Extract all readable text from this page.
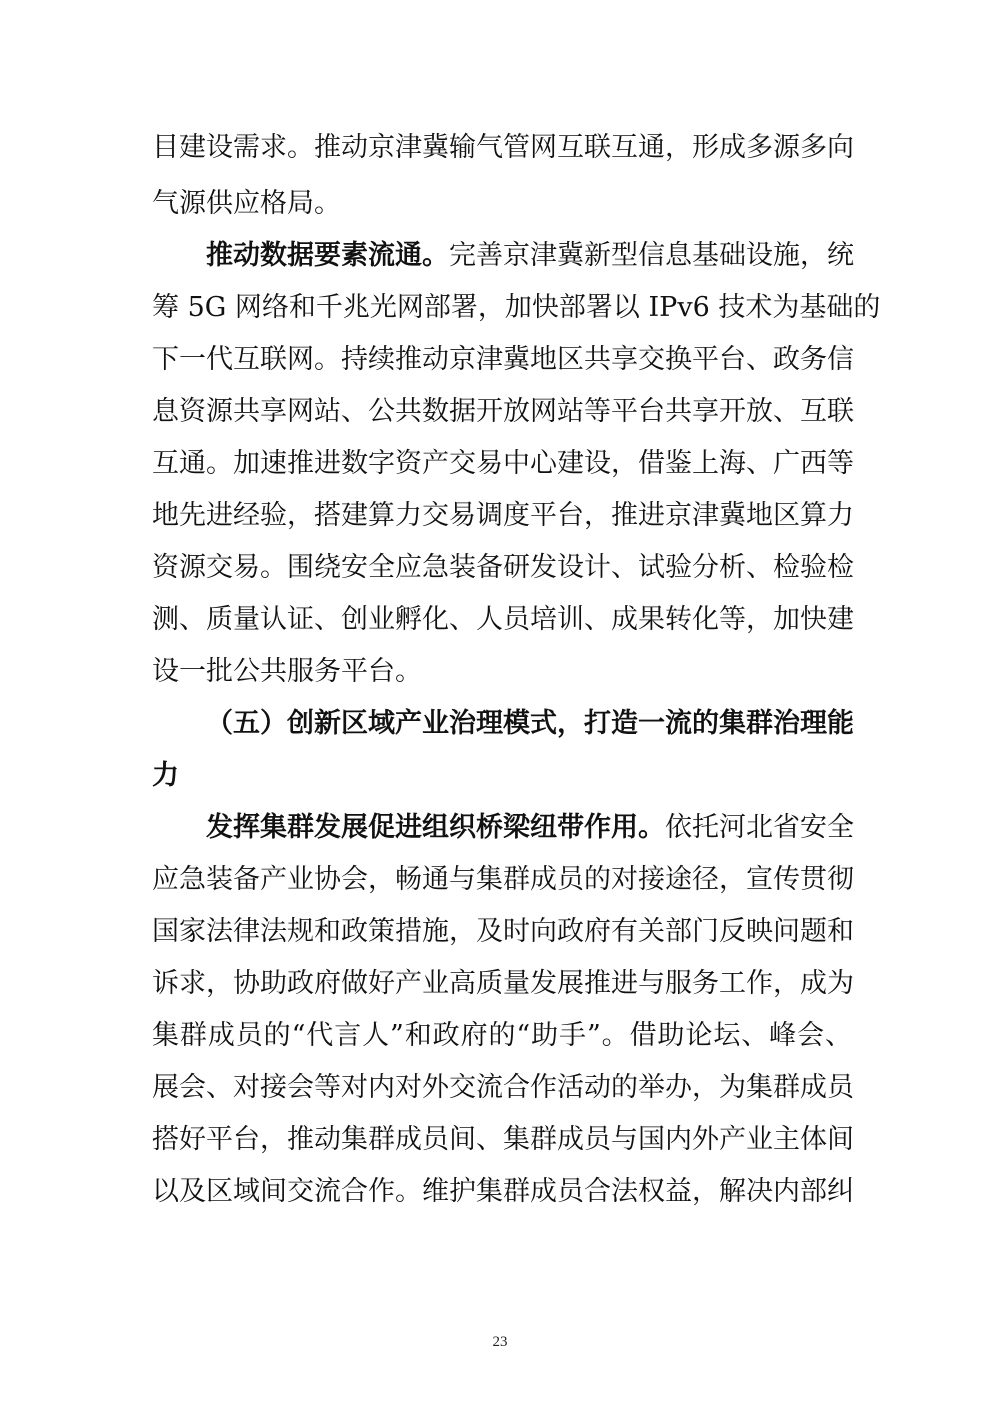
目建设需求。推动京津冀输气管网互联互通，形成多源多向
气源供应格局。
推动数据要素流通。完善京津冀新型信息基础设施，统
筹 5G 网络和千兆光网部署，加快部署以 IPv6 技术为基础的
下一代互联网。持续推动京津冀地区共享交换平台、政务信
息资源共享网站、公共数据开放网站等平台共享开放、互联
互通。加速推进数字资产交易中心建设，借鉴上海、广西等
地先进经验，搭建算力交易调度平台，推进京津冀地区算力
资源交易。围绕安全应急装备研发设计、试验分析、检验检
测、质量认证、创业孵化、人员培训、成果转化等，加快建
设一批公共服务平台。
（五）创新区域产业治理模式，打造一流的集群治理能
力
发挥集群发展促进组织桥梁纽带作用。依托河北省安全
应急装备产业协会，畅通与集群成员的对接途径，宣传贯彻
国家法律法规和政策措施，及时向政府有关部门反映问题和
诉求，协助政府做好产业高质量发展推进与服务工作，成为
集群成员的“代言人”和政府的“助手”。借助论坛、峰会、
展会、对接会等对内对外交流合作活动的举办，为集群成员
搭好平台，推动集群成员间、集群成员与国内外产业主体间
以及区域间交流合作。维护集群成员合法权益，解决内部纠
23
